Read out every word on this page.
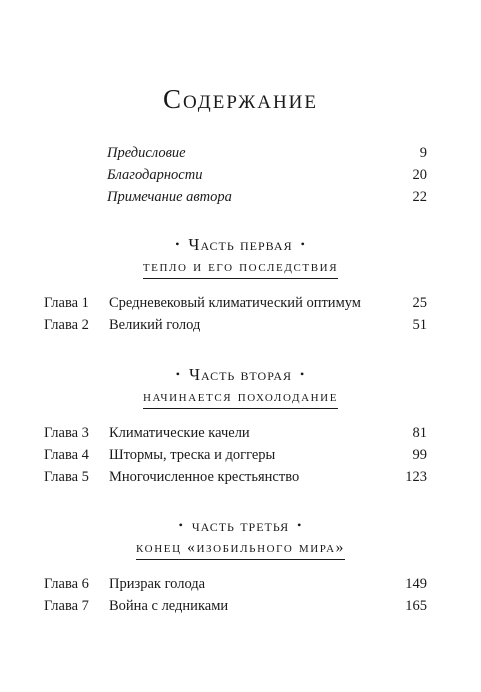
Содержание
Предисловие	9
Благодарности	20
Примечание автора	22
• Часть первая •
тепло и его последствия
Глава 1	Средневековый климатический оптимум	25
Глава 2	Великий голод	51
• Часть вторая •
начинается похолодание
Глава 3	Климатические качели	81
Глава 4	Штормы, треска и доггеры	99
Глава 5	Многочисленное крестьянство	123
• часть третья •
конец «изобильного мира»
Глава 6	Призрак голода	149
Глава 7	Война с ледниками	165
